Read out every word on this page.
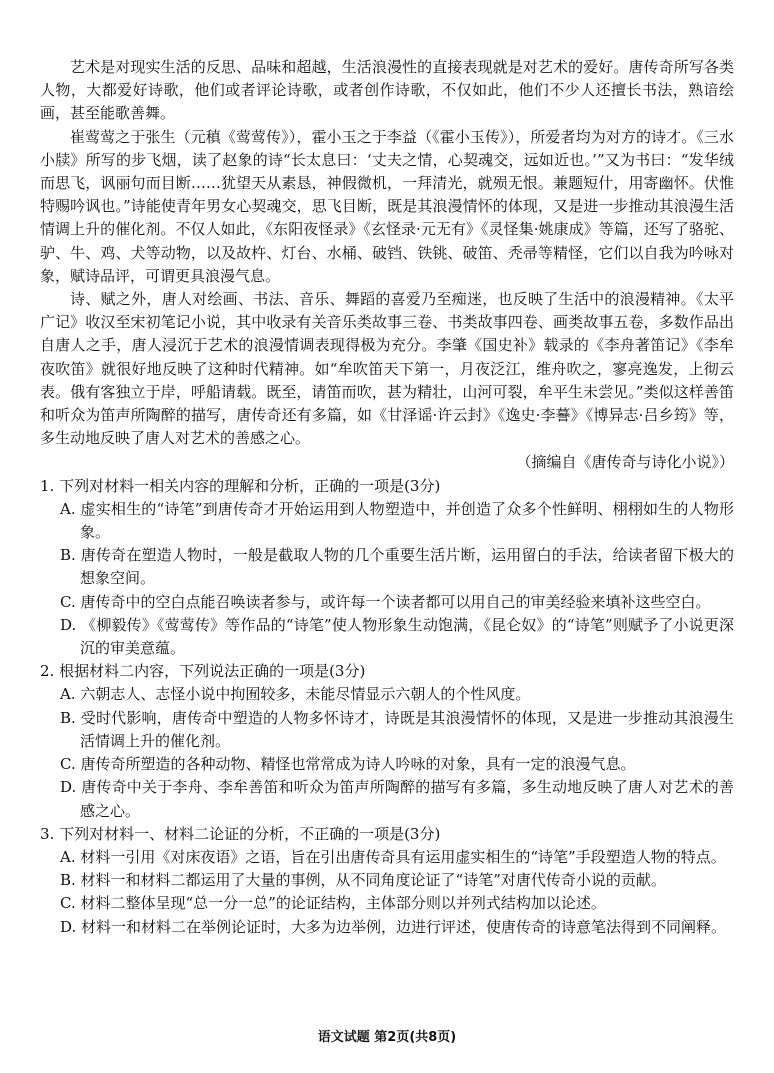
艺术是对现实生活的反思、品味和超越，生活浪漫性的直接表现就是对艺术的爱好。唐传奇所写各类人物，大都爱好诗歌，他们或者评论诗歌，或者创作诗歌，不仅如此，他们不少人还擅长书法，熟谙绘画，甚至能歌善舞。

崔莺莺之于张生（元稹《莺莺传》），霍小玉之于李益（《霍小玉传》），所爱者均为对方的诗才。《三水小牍》所写的步飞烟，读了赵象的诗“长太息曰：‘丈夫之情，心契魂交，远如近也。’”又为书曰：“发华绒而思飞，讽丽句而目断……犹望天从素恳，神假微机，一拜清光，就殒无恨。兼题短什，用寄幽怀。伏惟特赐吟讽也。”诗能使青年男女心契魂交，思飞目断，既是其浪漫情怀的体现，又是进一步推动其浪漫生活情调上升的催化剂。不仅人如此，《东阳夜怪录》《玄怪录·元无有》《灵怪集·姚康成》等篇，还写了骆驼、驴、牛、鸡、犬等动物，以及故杵、灯台、水桶、破铛、铁铫、破笛、秃帚等精怪，它们以自我为吟咏对象，赋诗品评，可谓更具浪漫气息。

诗、赋之外，唐人对绘画、书法、音乐、舞蹈的喜爱乃至痴迷，也反映了生活中的浪漫精神。《太平广记》收汉至宋初笔记小说，其中收录有关音乐类故事三卷、书类故事四卷、画类故事五卷，多数作品出自唐人之手，唐人浸沉于艺术的浪漫情调表现得极为充分。李肇《国史补》载录的《李舟著笛记》《李牟夜吹笛》就很好地反映了这种时代精神。如“牟吹笛天下第一，月夜泛江，维舟吹之，寥亮逸发，上彻云表。俄有客独立于岸，呼船请载。既至，请笛而吹，甚为精壮，山河可裂，牟平生未尝见。”类似这样善笛和听众为笛声所陶醉的描写，唐传奇还有多篇，如《甘泽谣·许云封》《逸史·李謩》《博异志·吕乡筠》等，多生动地反映了唐人对艺术的善感之心。

（摘编自《唐传奇与诗化小说》）

1. 下列对材料一相关内容的理解和分析，正确的一项是(3分)

A. 虚实相生的“诗笔”到唐传奇才开始运用到人物塑造中，并创造了众多个性鲜明、栩栩如生的人物形象。

B. 唐传奇在塑造人物时，一般是截取人物的几个重要生活片断，运用留白的手法，给读者留下极大的想象空间。

C. 唐传奇中的空白点能召唤读者参与，或许每一个读者都可以用自己的审美经验来填补这些空白。

D. 《柳毅传》《莺莺传》等作品的“诗笔”使人物形象生动饱满，《昆仑奴》的“诗笔”则赋予了小说更深沉的审美意蕴。

2. 根据材料二内容，下列说法正确的一项是(3分)

A. 六朝志人、志怪小说中拘囿较多，未能尽情显示六朝人的个性风度。

B. 受时代影响，唐传奇中塑造的人物多怀诗才，诗既是其浪漫情怀的体现，又是进一步推动其浪漫生活情调上升的催化剂。

C. 唐传奇所塑造的各种动物、精怪也常常成为诗人吟咏的对象，具有一定的浪漫气息。

D. 唐传奇中关于李舟、李牟善笛和听众为笛声所陶醉的描写有多篇，多生动地反映了唐人对艺术的善感之心。

3. 下列对材料一、材料二论证的分析，不正确的一项是(3分)

A. 材料一引用《对床夜语》之语，旨在引出唐传奇具有运用虚实相生的“诗笔”手段塑造人物的特点。

B. 材料一和材料二都运用了大量的事例，从不同角度论证了“诗笔”对唐代传奇小说的贡献。

C. 材料二整体呈现“总一分一总”的论证结构，主体部分则以并列式结构加以论述。

D. 材料一和材料二在举例论证时，大多为边举例，边进行评述，使唐传奇的诗意笔法得到不同阐释。

语文试题 第2页(共8页)
